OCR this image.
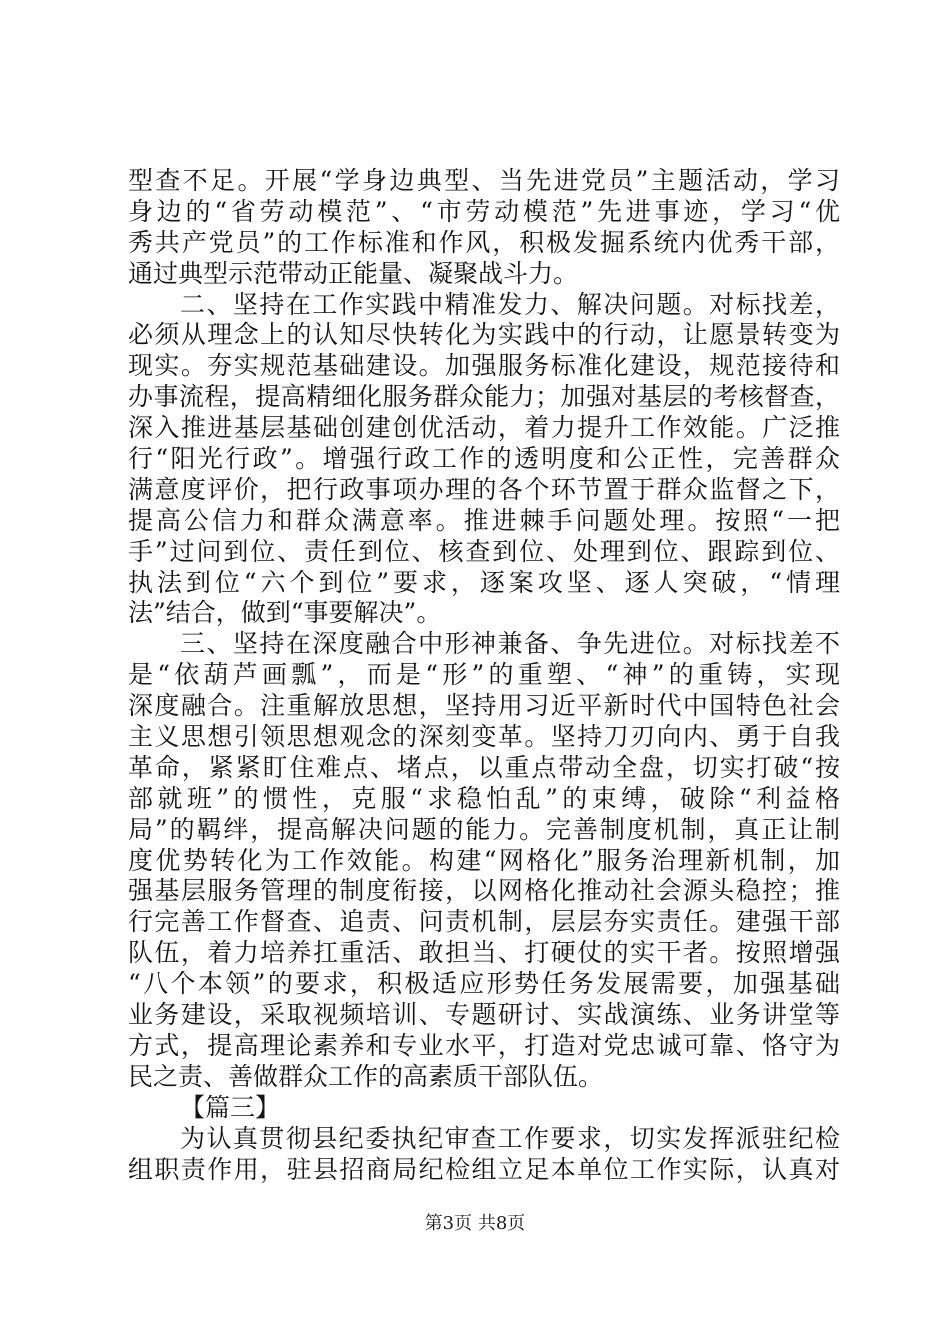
型查不足。开展“学身边典型、当先进党员”主题活动，学习
身边的“省劳动模范”、“市劳动模范”先进事迹，学习“优
秀共产党员”的工作标准和作风，积极发掘系统内优秀干部，
通过典型示范带动正能量、凝聚战斗力。
二、坚持在工作实践中精准发力、解决问题。对标找差，
必须从理念上的认知尽快转化为实践中的行动，让愿景转变为
现实。夯实规范基础建设。加强服务标准化建设，规范接待和
办事流程，提高精细化服务群众能力；加强对基层的考核督查，
深入推进基层基础创建创优活动，着力提升工作效能。广泛推
行“阳光行政”。增强行政工作的透明度和公正性，完善群众
满意度评价，把行政事项办理的各个环节置于群众监督之下，
提高公信力和群众满意率。推进棘手问题处理。按照“一把
手”过问到位、责任到位、核查到位、处理到位、跟踪到位、
执法到位“六个到位”要求，逐案攻坚、逐人突破，“情理
法”结合，做到“事要解决”。
三、坚持在深度融合中形神兼备、争先进位。对标找差不
是“依葫芦画瓢”，而是“形”的重塑、“神”的重铸，实现
深度融合。注重解放思想，坚持用习近平新时代中国特色社会
主义思想引领思想观念的深刻变革。坚持刀刃向内、勇于自我
革命，紧紧盯住难点、堵点，以重点带动全盘，切实打破“按
部就班”的惯性，克服“求稳怕乱”的束缚，破除“利益格
局”的羁绊，提高解决问题的能力。完善制度机制，真正让制
度优势转化为工作效能。构建“网格化”服务治理新机制，加
强基层服务管理的制度衔接，以网格化推动社会源头稳控；推
行完善工作督查、追责、问责机制，层层夯实责任。建强干部
队伍，着力培养扛重活、敢担当、打硬仗的实干者。按照增强
“八个本领”的要求，积极适应形势任务发展需要，加强基础
业务建设，采取视频培训、专题研讨、实战演练、业务讲堂等
方式，提高理论素养和专业水平，打造对党忠诚可靠、恪守为
民之责、善做群众工作的高素质干部队伍。
【篇三】
为认真贯彻县纪委执纪审查工作要求，切实发挥派驻纪检
组职责作用，驻县招商局纪检组立足本单位工作实际，认真对
第3页 共8页
